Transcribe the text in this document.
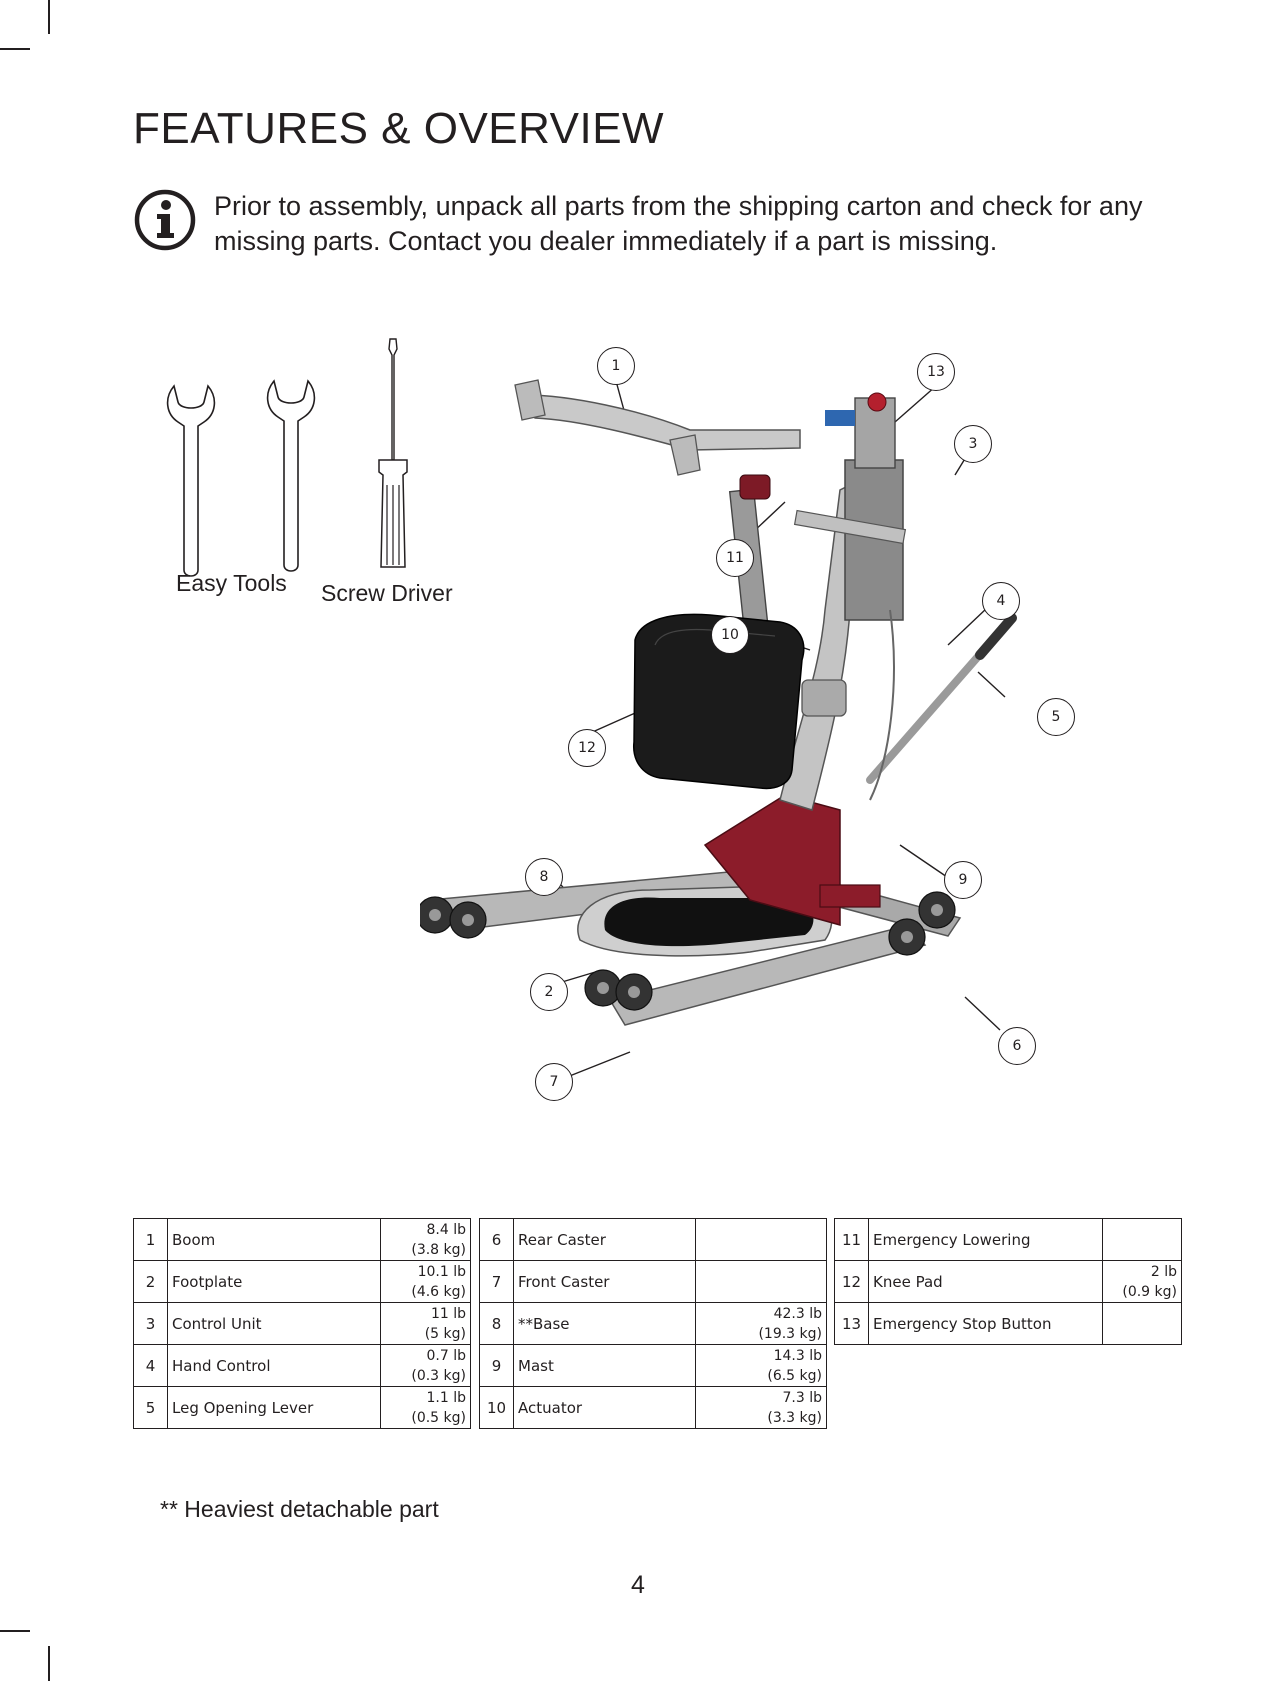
FEATURES & OVERVIEW
Prior to assembly, unpack all parts from the shipping carton and check for any missing parts. Contact you dealer immediately if a part is missing.
Easy Tools Screw Driver
1	13
3
11
4
10
5
12
8	9
2
6
7
1	Boom	8.4 lb
(3.8 kg)
2	Footplate	10.1 lb
(4.6 kg)
3	Control Unit	11 lb
(5 kg)
4	Hand Control	0.7 lb
(0.3 kg)
5	Leg Opening Lever	1.1 lb
(0.5 kg)
6	Rear Caster	

7	Front Caster	

8	**Base	42.3 lb
(19.3 kg)
9	Mast	14.3 lb
(6.5 kg)
10	Actuator	7.3 lb
(3.3 kg)
11	Emergency Lowering	

12	Knee Pad	2 lb
(0.9 kg)
13	Emergency Stop Button	

** Heaviest detachable part
4
